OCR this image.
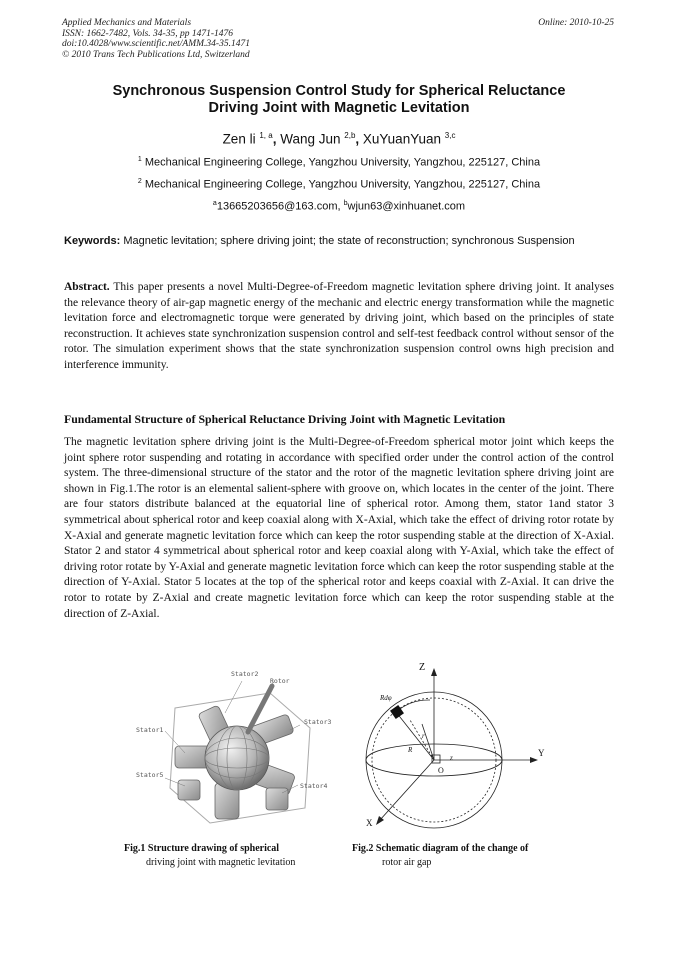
Applied Mechanics and Materials
ISSN: 1662-7482, Vols. 34-35, pp 1471-1476
doi:10.4028/www.scientific.net/AMM.34-35.1471
© 2010 Trans Tech Publications Ltd, Switzerland
Online: 2010-10-25
Synchronous Suspension Control Study for Spherical Reluctance
Driving Joint with Magnetic Levitation
Zen li $^{1, a}$, Wang Jun $^{2,b}$, XuYuanYuan $^{3,c}$
$^1$ Mechanical Engineering College, Yangzhou University, Yangzhou, 225127, China
$^2$ Mechanical Engineering College, Yangzhou University, Yangzhou, 225127, China
$^a$13665203656@163.com, $^b$wjun63@xinhuanet.com
Keywords: Magnetic levitation; sphere driving joint; the state of reconstruction; synchronous Suspension
Abstract. This paper presents a novel Multi-Degree-of-Freedom magnetic levitation sphere driving joint. It analyses the relevance theory of air-gap magnetic energy of the mechanic and electric energy transformation while the magnetic levitation force and electromagnetic torque were generated by driving joint, which based on the principles of state reconstruction. It achieves state synchronization suspension control and self-test feedback control without sensor of the rotor. The simulation experiment shows that the state synchronization suspension control owns high precision and interference immunity.
Fundamental Structure of Spherical Reluctance Driving Joint with Magnetic Levitation
The magnetic levitation sphere driving joint is the Multi-Degree-of-Freedom spherical motor joint which keeps the joint sphere rotor suspending and rotating in accordance with specified order under the control action of the control system. The three-dimensional structure of the stator and the rotor of the magnetic levitation sphere driving joint are shown in Fig.1.The rotor is an elemental salient-sphere with groove on, which locates in the center of the joint. There are four stators distribute balanced at the equatorial line of spherical rotor. Among them, stator 1and stator 3 symmetrical about spherical rotor and keep coaxial along with X-Axial, which take the effect of driving rotor rotate by X-Axial and generate magnetic levitation force which can keep the rotor suspending stable at the direction of X-Axial. Stator 2 and stator 4 symmetrical about spherical rotor and keep coaxial along with Y-Axial, which take the effect of driving rotor rotate by Y-Axial and generate magnetic levitation force which can keep the rotor suspending stable at the direction of Y-Axial. Stator 5 locates at the top of the spherical rotor and keeps coaxial with Z-Axial. It can drive the rotor to rotate by Z-Axial and create magnetic levitation force which can keep the rotor suspending stable at the direction of Z-Axial.
Stator2
Rotor
Stator3
Stator1
Stator5
Stator4
Z
Y
X
O
Rdφ
R
r
z
Fig.1 Structure drawing of spherical
driving joint with magnetic levitation
Fig.2 Schematic diagram of the change of
rotor air gap
